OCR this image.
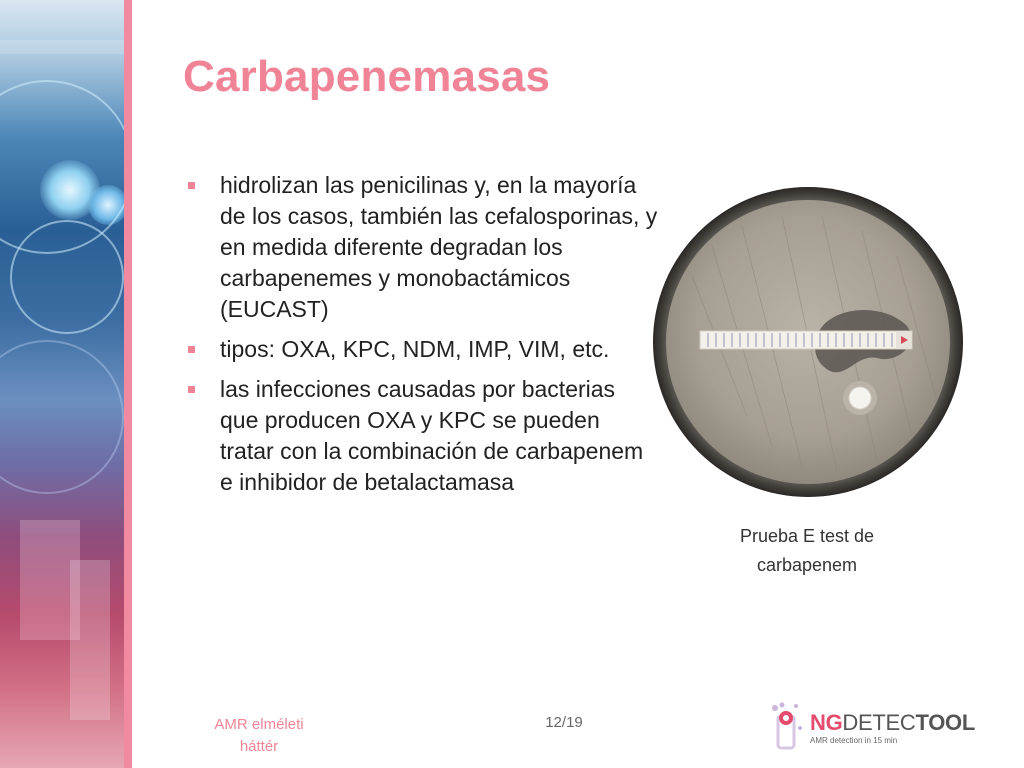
Carbapenemasas
hidrolizan las penicilinas y, en la mayoría de los casos, también las cefalosporinas, y en medida diferente degradan los carbapenemes y monobactámicos (EUCAST)
tipos: OXA, KPC, NDM, IMP, VIM, etc.
las infecciones causadas por bacterias que producen OXA y KPC se pueden tratar con la combinación de carbapenem e inhibidor de betalactamasa
Prueba E test de
carbapenem
AMR elméleti
háttér
12/19	NGDETECTOOL
AMR detection in 15 min
